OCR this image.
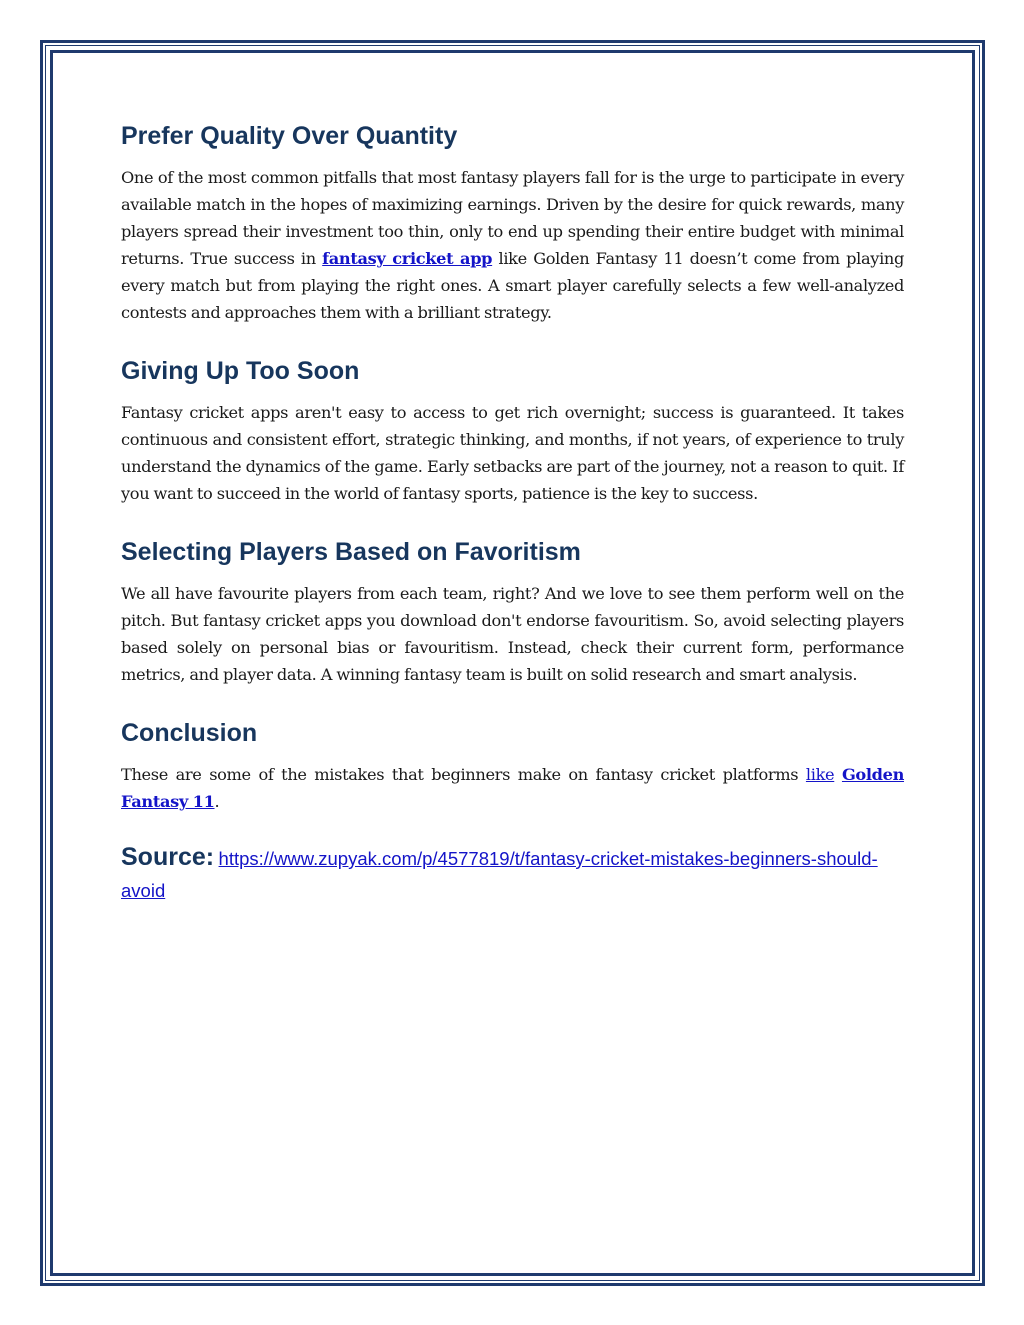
Prefer Quality Over Quantity

One of the most common pitfalls that most fantasy players fall for is the urge to participate in every available match in the hopes of maximizing earnings. Driven by the desire for quick rewards, many players spread their investment too thin, only to end up spending their entire budget with minimal returns. True success in fantasy cricket app like Golden Fantasy 11 doesn’t come from playing every match but from playing the right ones. A smart player carefully selects a few well-analyzed contests and approaches them with a brilliant strategy.

Giving Up Too Soon

Fantasy cricket apps aren't easy to access to get rich overnight; success is guaranteed. It takes continuous and consistent effort, strategic thinking, and months, if not years, of experience to truly understand the dynamics of the game. Early setbacks are part of the journey, not a reason to quit. If you want to succeed in the world of fantasy sports, patience is the key to success.

Selecting Players Based on Favoritism

We all have favourite players from each team, right? And we love to see them perform well on the pitch. But fantasy cricket apps you download don't endorse favouritism. So, avoid selecting players based solely on personal bias or favouritism. Instead, check their current form, performance metrics, and player data. A winning fantasy team is built on solid research and smart analysis.

Conclusion

These are some of the mistakes that beginners make on fantasy cricket platforms like Golden Fantasy 11.

Source: https://www.zupyak.com/p/4577819/t/fantasy-cricket-mistakes-beginners-should-avoid
